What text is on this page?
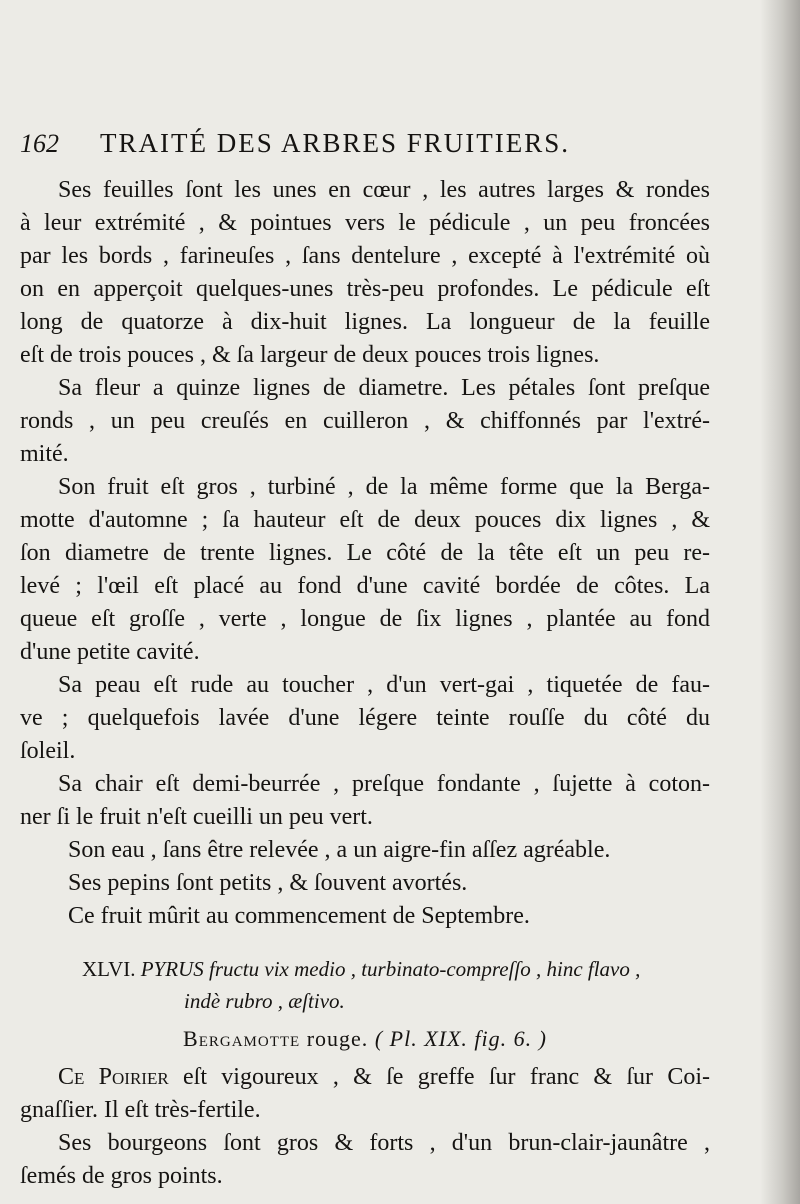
162	TRAITÉ DES ARBRES FRUITIERS.

Ses feuilles ſont les unes en cœur , les autres larges & rondes
à leur extrémité , & pointues vers le pédicule , un peu froncées
par les bords , farineuſes , ſans dentelure , excepté à l'extrémité où
on en apperçoit quelques-unes très-peu profondes. Le pédicule eſt
long de quatorze à dix-huit lignes. La longueur de la feuille
eſt de trois pouces , & ſa largeur de deux pouces trois lignes.

Sa fleur a quinze lignes de diametre. Les pétales ſont preſque
ronds , un peu creuſés en cuilleron , & chiffonnés par l'extré-
mité.

Son fruit eſt gros , turbiné , de la même forme que la Berga-
motte d'automne ; ſa hauteur eſt de deux pouces dix lignes , &
ſon diametre de trente lignes. Le côté de la tête eſt un peu re-
levé ; l'œil eſt placé au fond d'une cavité bordée de côtes. La
queue eſt groſſe , verte , longue de ſix lignes , plantée au fond
d'une petite cavité.

Sa peau eſt rude au toucher , d'un vert-gai , tiquetée de fau-
ve ; quelquefois lavée d'une légere teinte rouſſe du côté du
ſoleil.

Sa chair eſt demi-beurrée , preſque fondante , ſujette à coton-
ner ſi le fruit n'eſt cueilli un peu vert.

Son eau , ſans être relevée , a un aigre-fin aſſez agréable.

Ses pepins ſont petits , & ſouvent avortés.

Ce fruit mûrit au commencement de Septembre.

XLVI. PYRUS fructu vix medio , turbinato-compreſſo , hinc flavo ,
indè rubro , æſtivo.
Bergamotte rouge. ( Pl. XIX. fig. 6. )

Ce Poirier eſt vigoureux , & ſe greffe ſur franc & ſur Coi-
gnaſſier. Il eſt très-fertile.

Ses bourgeons ſont gros & forts , d'un brun-clair-jaunâtre ,
ſemés de gros points.
